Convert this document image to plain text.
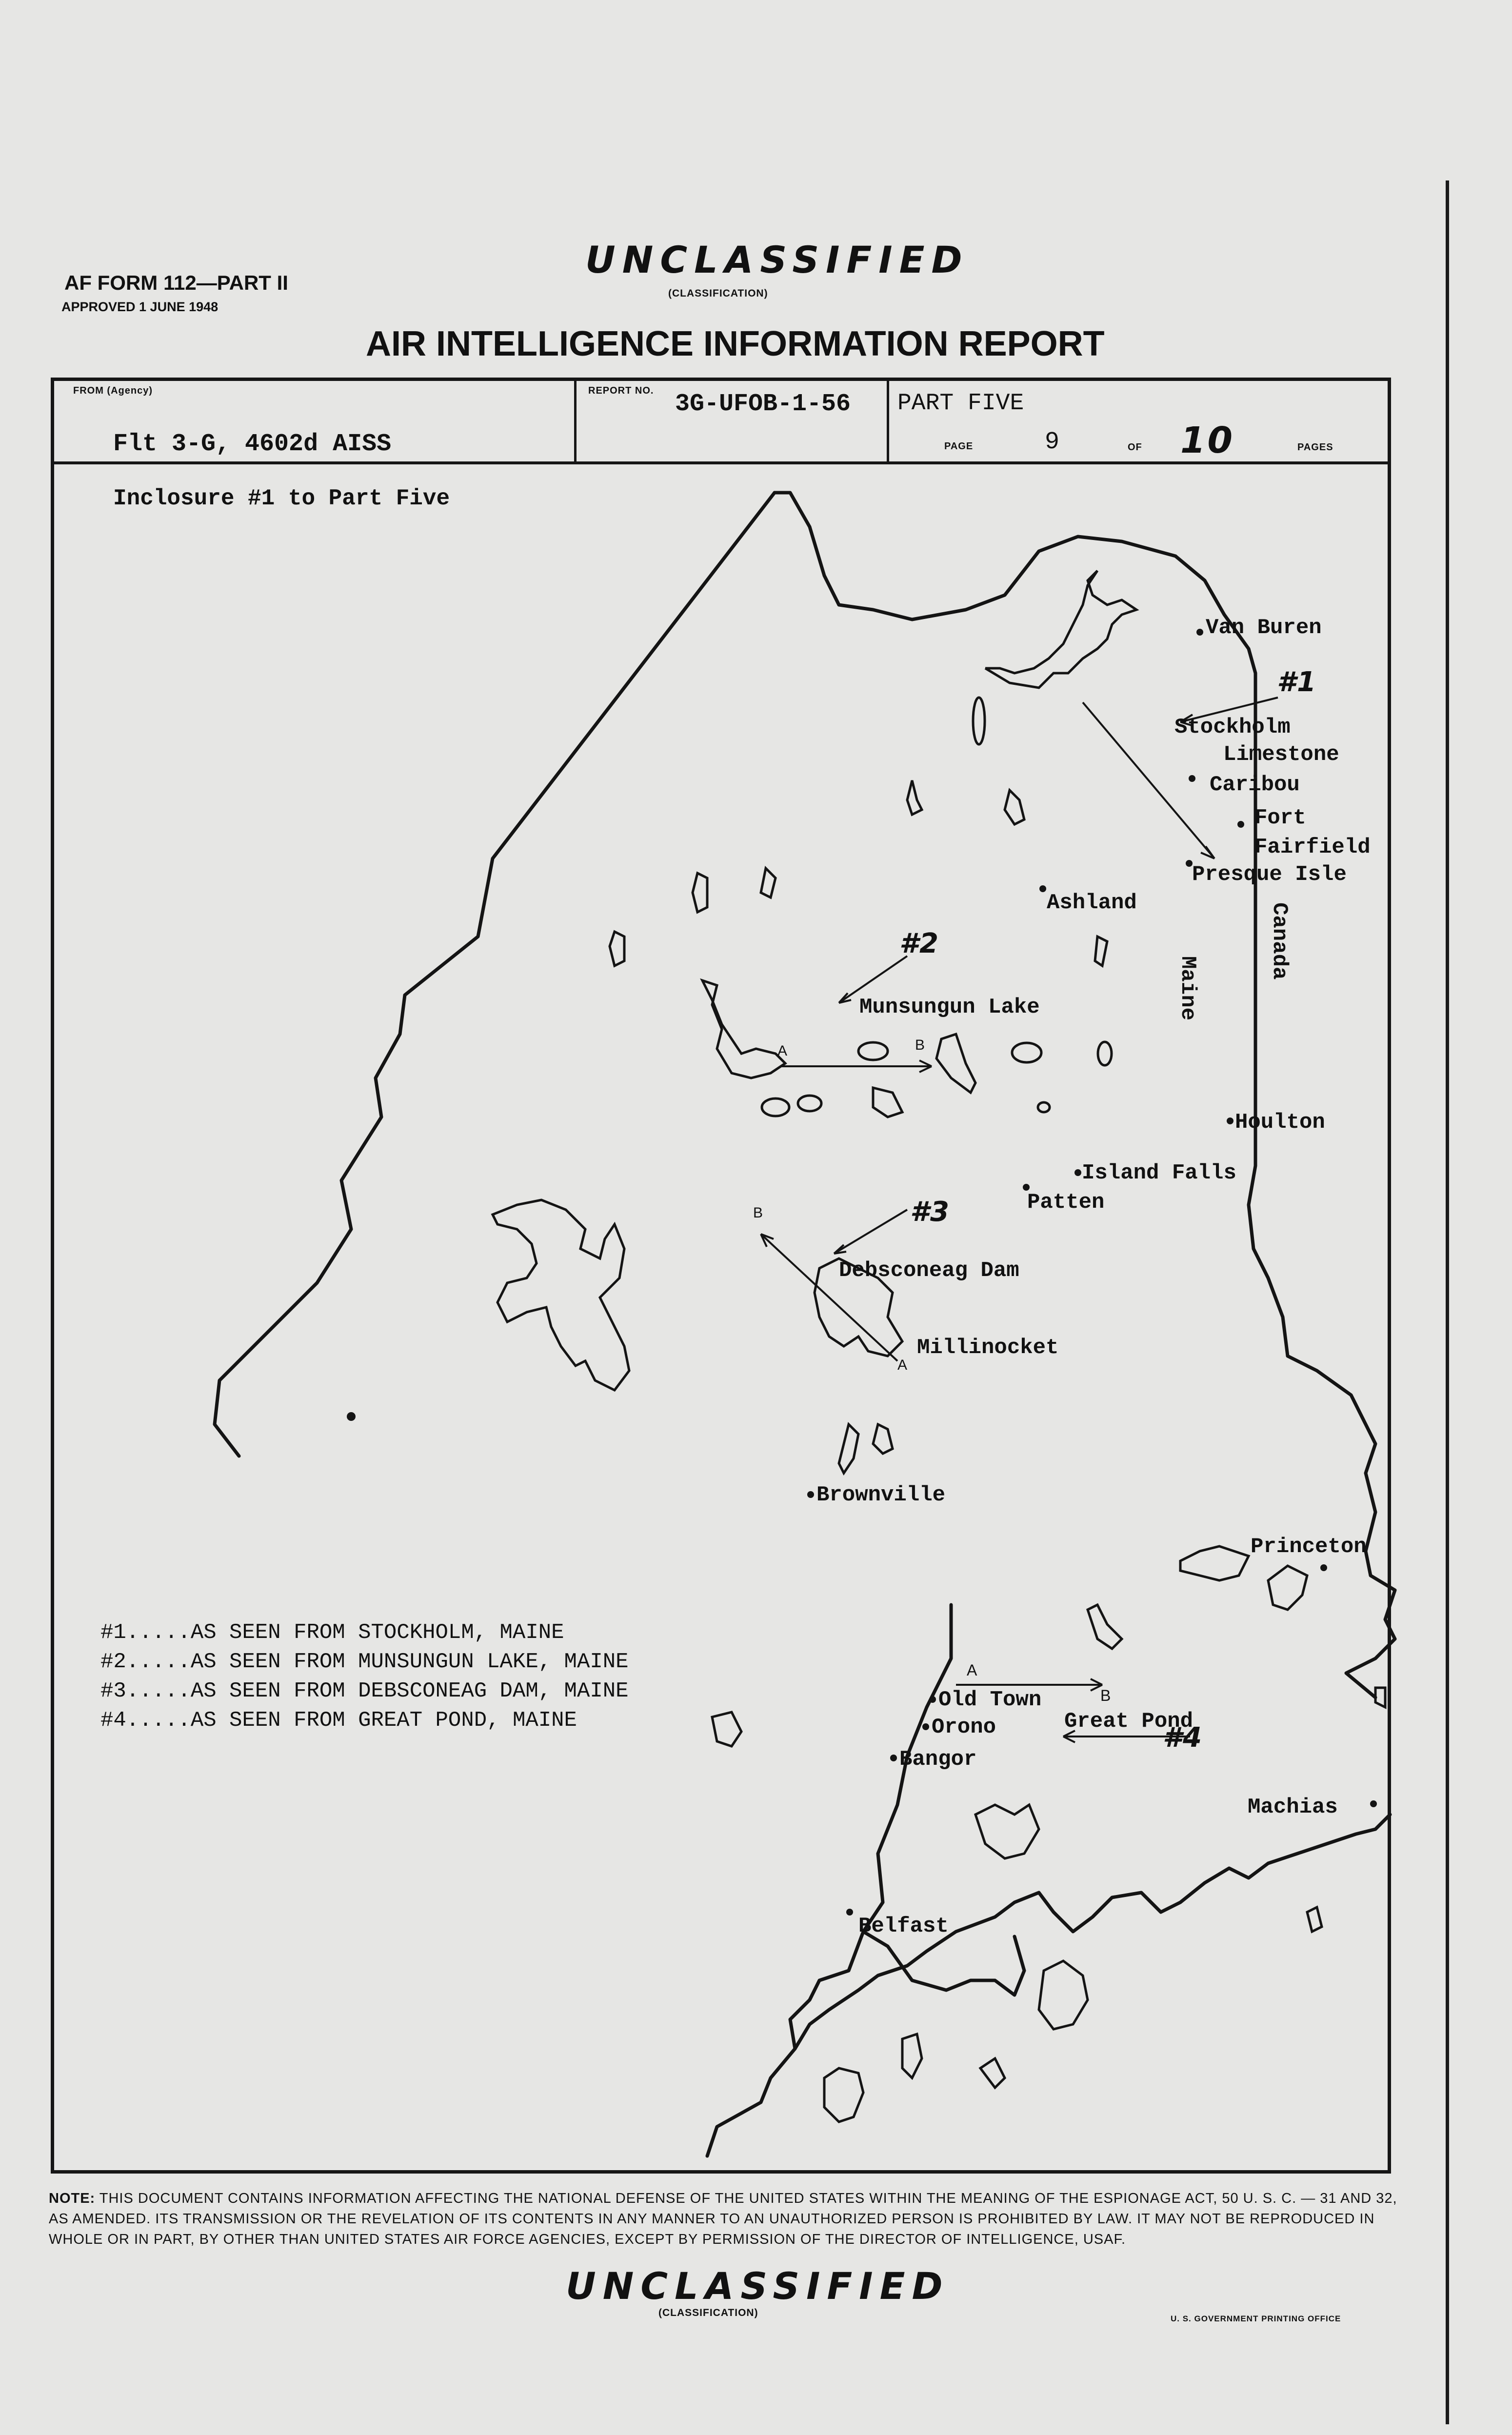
AF FORM 112—PART II
APPROVED 1 JUNE 1948
UNCLASSIFIED
(CLASSIFICATION)
AIR INTELLIGENCE INFORMATION REPORT
FROM (Agency)
Flt 3-G, 4602d AISS
REPORT NO. 3G-UFOB-1-56 PART FIVE
PAGE	9	OF 10	PAGES
Inclosure #1 to Part Five
Van Buren
Stockholm
Limestone
Caribou
Fort
Fairfield
Presque Isle
Ashland
Munsungun Lake
Houlton
Island Falls
Patten
Debsconeag Dam
Millinocket
Brownville
Princeton
Old Town
Orono
Bangor
Great Pond
Machias
Belfast
Maine
Canada
#1
#2
#3
#4
A	B
B
A
A
B
#1.....AS SEEN FROM STOCKHOLM, MAINE
#2.....AS SEEN FROM MUNSUNGUN LAKE, MAINE
#3.....AS SEEN FROM DEBSCONEAG DAM, MAINE
#4.....AS SEEN FROM GREAT POND, MAINE
NOTE: THIS DOCUMENT CONTAINS INFORMATION AFFECTING THE NATIONAL DEFENSE OF THE UNITED STATES WITHIN THE MEANING OF THE ESPIONAGE ACT, 50 U. S. C. — 31 AND 32, AS AMENDED. ITS TRANSMISSION OR THE REVELATION OF ITS CONTENTS IN ANY MANNER TO AN UNAUTHORIZED PERSON IS PROHIBITED BY LAW. IT MAY NOT BE REPRODUCED IN WHOLE OR IN PART, BY OTHER THAN UNITED STATES AIR FORCE AGENCIES, EXCEPT BY PERMISSION OF THE DIRECTOR OF INTELLIGENCE, USAF.
UNCLASSIFIED
(CLASSIFICATION)
U. S. GOVERNMENT PRINTING OFFICE
